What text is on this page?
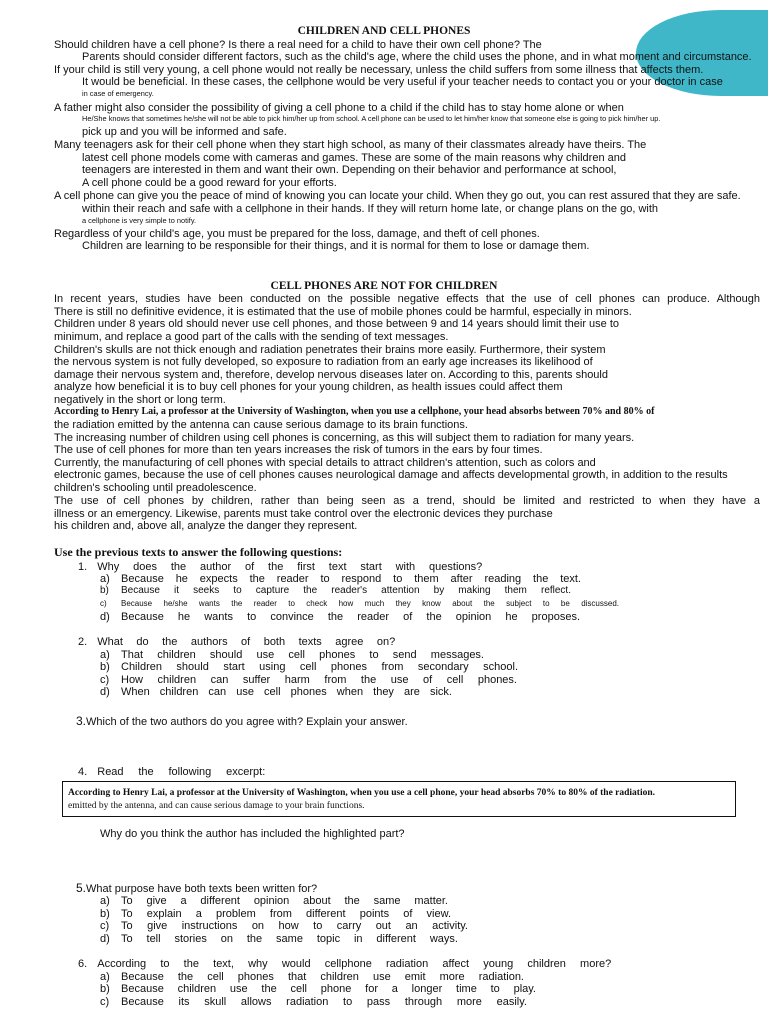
CHILDREN AND CELL PHONES
Should children have a cell phone? Is there a real need for a child to have their own cell phone? The
Parents should consider different factors, such as the child's age, where the child uses the phone, and in what moment and circumstance.
If your child is still very young, a cell phone would not really be necessary, unless the child suffers from some illness that affects them.
It would be beneficial. In these cases, the cellphone would be very useful if your teacher needs to contact you or your doctor in case
in case of emergency.
A father might also consider the possibility of giving a cell phone to a child if the child has to stay home alone or when
He/She knows that sometimes he/she will not be able to pick him/her up from school. A cell phone can be used to let him/her know that someone else is going to pick him/her up.
pick up and you will be informed and safe.
Many teenagers ask for their cell phone when they start high school, as many of their classmates already have theirs. The
latest cell phone models come with cameras and games. These are some of the main reasons why children and
teenagers are interested in them and want their own. Depending on their behavior and performance at school,
A cell phone could be a good reward for your efforts.
A cell phone can give you the peace of mind of knowing you can locate your child. When they go out, you can rest assured that they are safe.
within their reach and safe with a cellphone in their hands. If they will return home late, or change plans on the go, with
a cellphone is very simple to notify.
Regardless of your child's age, you must be prepared for the loss, damage, and theft of cell phones.
Children are learning to be responsible for their things, and it is normal for them to lose or damage them.
CELL PHONES ARE NOT FOR CHILDREN
In recent years, studies have been conducted on the possible negative effects that the use of cell phones can produce. Although
There is still no definitive evidence, it is estimated that the use of mobile phones could be harmful, especially in minors.
Children under 8 years old should never use cell phones, and those between 9 and 14 years should limit their use to
minimum, and replace a good part of the calls with the sending of text messages.
Children's skulls are not thick enough and radiation penetrates their brains more easily. Furthermore, their system
the nervous system is not fully developed, so exposure to radiation from an early age increases its likelihood of
damage their nervous system and, therefore, develop nervous diseases later on. According to this, parents should
analyze how beneficial it is to buy cell phones for your young children, as health issues could affect them
negatively in the short or long term.
According to Henry Lai, a professor at the University of Washington, when you use a cellphone, your head absorbs between 70% and 80% of
the radiation emitted by the antenna can cause serious damage to its brain functions.
The increasing number of children using cell phones is concerning, as this will subject them to radiation for many years.
The use of cell phones for more than ten years increases the risk of tumors in the ears by four times.
Currently, the manufacturing of cell phones with special details to attract children's attention, such as colors and
electronic games, because the use of cell phones causes neurological damage and affects developmental growth, in addition to the results
children's schooling until preadolescence.
The use of cell phones by children, rather than being seen as a trend, should be limited and restricted to when they have a
illness or an emergency. Likewise, parents must take control over the electronic devices they purchase
his children and, above all, analyze the danger they represent.
Use the previous texts to answer the following questions:
1. Why does the author of the first text start with questions?
a)	Because he expects the reader to respond to them after reading the text.
b)	Because it seeks to capture the reader's attention by making them reflect.
c)	Because he/she wants the reader to check how much they know about the subject to be discussed.
d)	Because he wants to convince the reader of the opinion he proposes.
2. What do the authors of both texts agree on?
a)	That children should use cell phones to send messages.
b)	Children should start using cell phones from secondary school.
c)	How children can suffer harm from the use of cell phones.
d)	When children can use cell phones when they are sick.
3.Which of the two authors do you agree with? Explain your answer.
4. Read the following excerpt:
According to Henry Lai, a professor at the University of Washington, when you use a cell phone, your head absorbs 70% to 80% of the radiation.
emitted by the antenna, and can cause serious damage to your brain functions.
Why do you think the author has included the highlighted part?
5.What purpose have both texts been written for?
a)	To give a different opinion about the same matter.
b)	To explain a problem from different points of view.
c)	To give instructions on how to carry out an activity.
d)	To tell stories on the same topic in different ways.
6. According to the text, why would cellphone radiation affect young children more?
a)	Because the cell phones that children use emit more radiation.
b)	Because children use the cell phone for a longer time to play.
c)	Because its skull allows radiation to pass through more easily.
